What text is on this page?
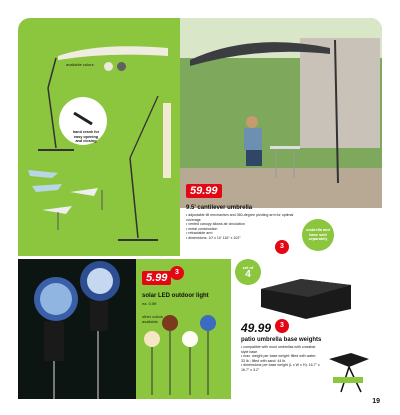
available colors
hand crank for easy opening and closing
59.99
9.5' cantilever umbrella
• adjustable tilt mechanism and 360-degree pivoting arm for optimal coverage
• vented canopy allows air circulation
• metal construction
• retractable arm
• dimensions: 10' x 10' 116" x 102"
3
umbrella and base sold separately
5.99	3
solar LED outdoor light
ea. 0.5ft
other colors available
set of
4
49.99	3
patio umbrella base weights
• compatible with most umbrellas with crossbar style base
• max. weight per base weight: filled with water: 33 lb.; filled with sand: 44 lb.
• dimensions per base weight (L x W x H): 16.7" x 16.7" x 3.2"
19
